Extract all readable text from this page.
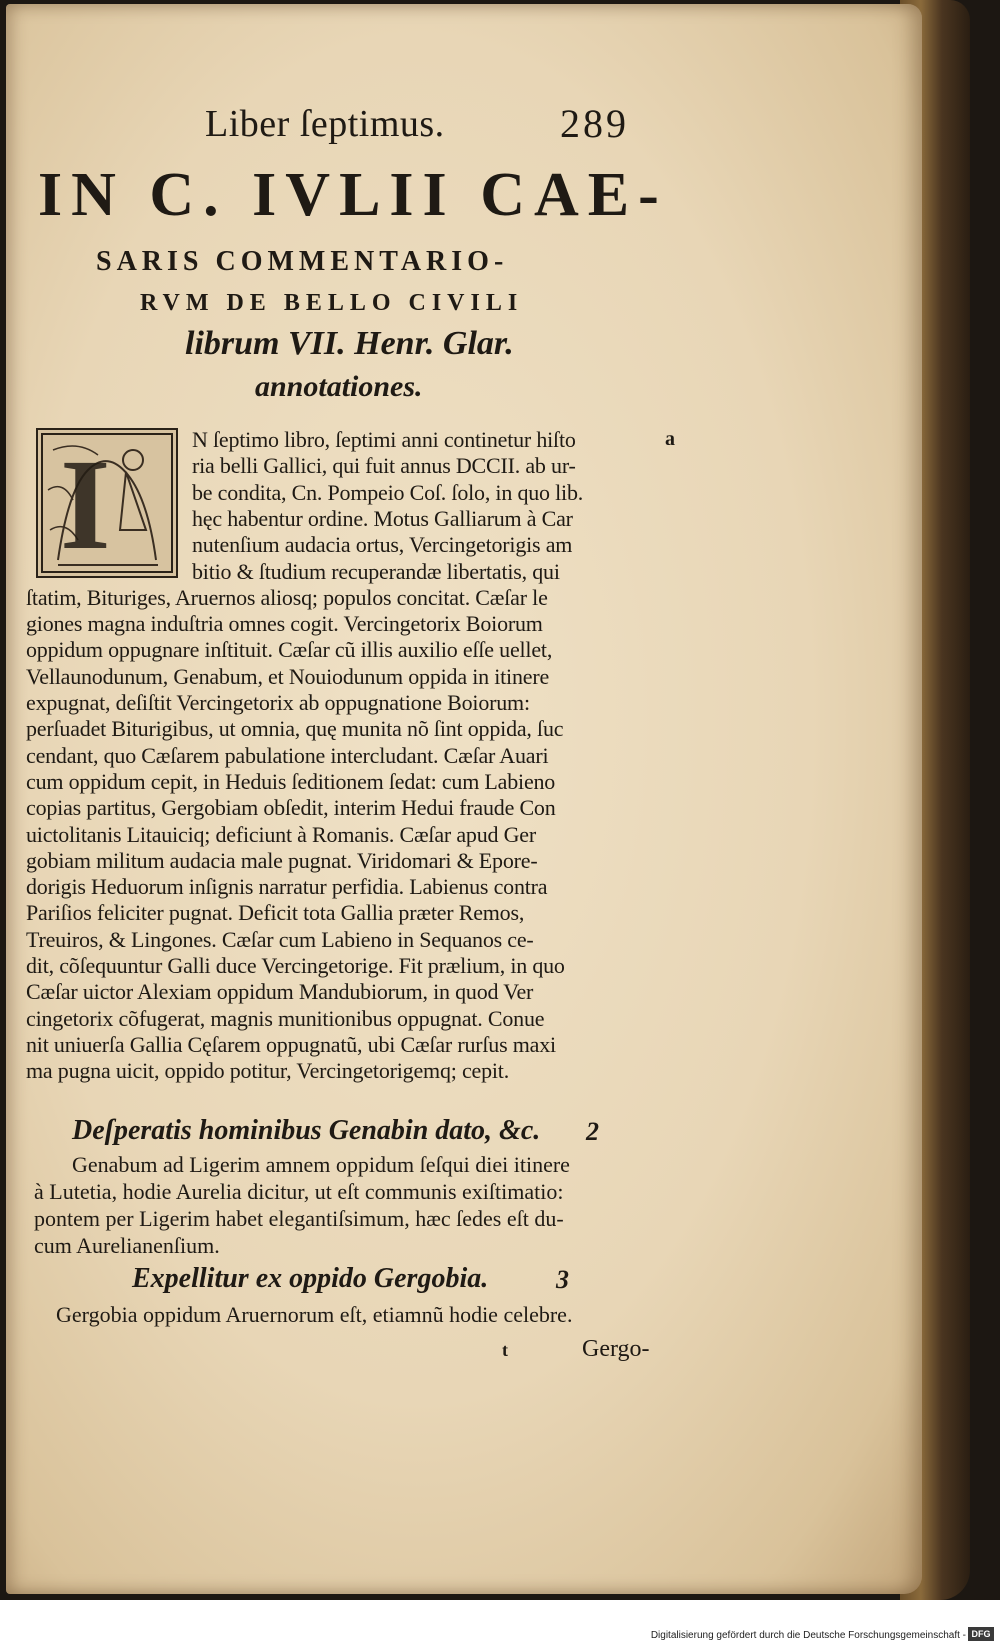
Liber ſeptimus.	289
IN C. IVLII CAE-
SARIS COMMENTARIO-
RVM DE BELLO CIVILI
librum VII. Henr. Glar.
annotationes.
I	a
N ſeptimo libro, ſeptimi anni continetur hiſto
ria belli Gallici, qui fuit annus DCCII. ab ur-
be condita, Cn. Pompeio Coſ. ſolo, in quo lib.
hęc habentur ordine. Motus Galliarum à Car
nutenſium audacia ortus, Vercingetorigis am
bitio & ſtudium recuperandæ libertatis, qui
ſtatim, Bituriges, Aruernos aliosq; populos concitat. Cæſar le
giones magna induſtria omnes cogit. Vercingetorix Boiorum
oppidum oppugnare inſtituit. Cæſar cũ illis auxilio eſſe uellet,
Vellaunodunum, Genabum, et Nouiodunum oppida in itinere
expugnat, deſiſtit Vercingetorix ab oppugnatione Boiorum:
perſuadet Biturigibus, ut omnia, quę munita nõ ſint oppida, ſuc
cendant, quo Cæſarem pabulatione intercludant. Cæſar Auari
cum oppidum cepit, in Heduis ſeditionem ſedat: cum Labieno
copias partitus, Gergobiam obſedit, interim Hedui fraude Con
uictolitanis Litauiciq; deficiunt à Romanis. Cæſar apud Ger
gobiam militum audacia male pugnat. Viridomari & Epore-
dorigis Heduorum inſignis narratur perfidia. Labienus contra
Pariſios feliciter pugnat. Deficit tota Gallia præter Remos,
Treuiros, & Lingones. Cæſar cum Labieno in Sequanos ce-
dit, cõſequuntur Galli duce Vercingetorige. Fit prælium, in quo
Cæſar uictor Alexiam oppidum Mandubiorum, in quod Ver
cingetorix cõfugerat, magnis munitionibus oppugnat. Conue
nit uniuerſa Gallia Cęſarem oppugnatũ, ubi Cæſar rurſus maxi
ma pugna uicit, oppido potitur, Vercingetorigemq; cepit.
Deſperatis hominibus Genabin dato, &c. 2
Genabum ad Ligerim amnem oppidum ſeſqui diei itinere
à Lutetia, hodie Aurelia dicitur, ut eſt communis exiſtimatio:
pontem per Ligerim habet elegantiſsimum, hæc ſedes eſt du-
cum Aurelianenſium.
Expellitur ex oppido Gergobia.	3
Gergobia oppidum Aruernorum eſt, etiamnũ hodie celebre.
t	Gergo-
Digitalisierung gefördert durch die Deutsche Forschungsgemeinschaft - DFG
